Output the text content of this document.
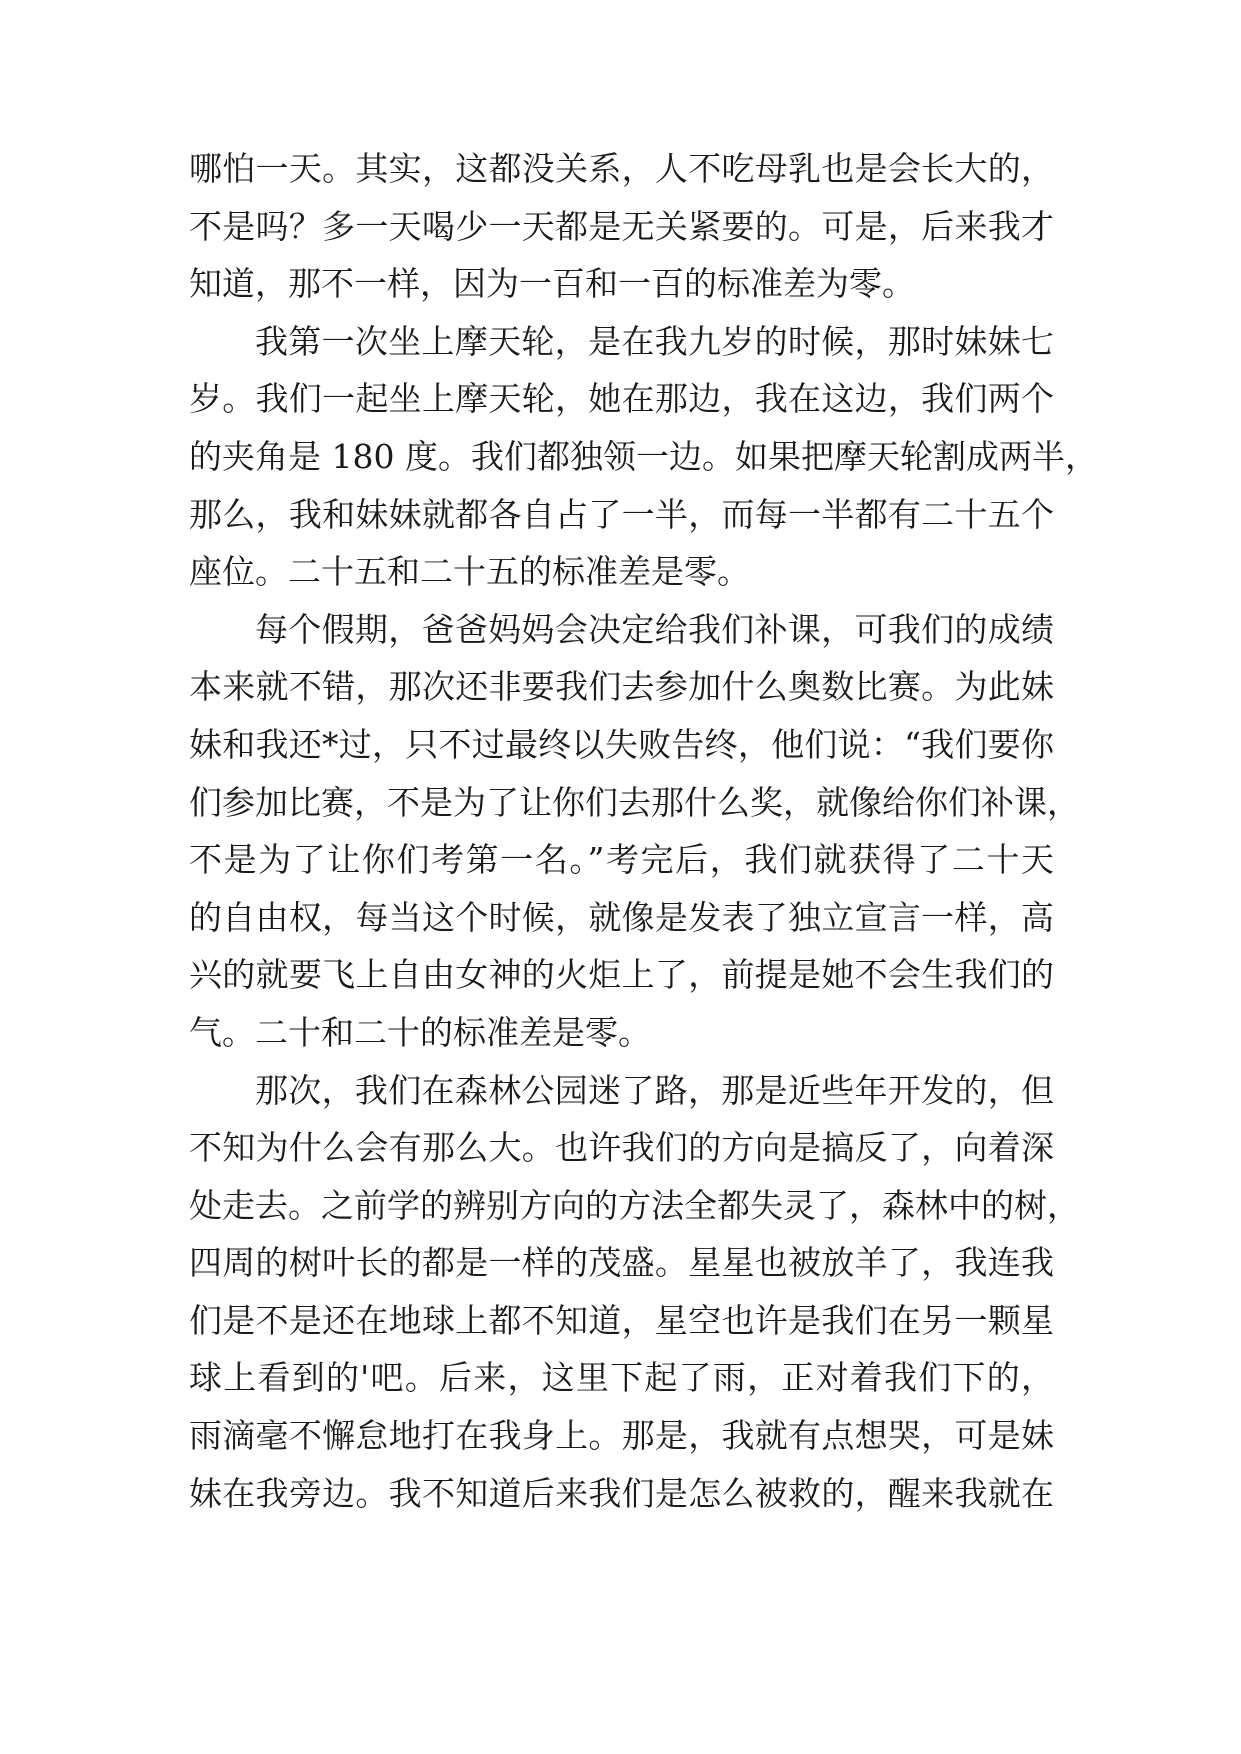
哪怕一天。其实，这都没关系，人不吃母乳也是会长大的，
不是吗？多一天喝少一天都是无关紧要的。可是，后来我才
知道，那不一样，因为一百和一百的标准差为零。
我第一次坐上摩天轮，是在我九岁的时候，那时妹妹七
岁。我们一起坐上摩天轮，她在那边，我在这边，我们两个
的夹角是 180 度。我们都独领一边。如果把摩天轮割成两半，
那么，我和妹妹就都各自占了一半，而每一半都有二十五个
座位。二十五和二十五的标准差是零。
每个假期，爸爸妈妈会决定给我们补课，可我们的成绩
本来就不错，那次还非要我们去参加什么奥数比赛。为此妹
妹和我还*过，只不过最终以失败告终，他们说：“我们要你
们参加比赛，不是为了让你们去那什么奖，就像给你们补课，
不是为了让你们考第一名。”考完后，我们就获得了二十天
的自由权，每当这个时候，就像是发表了独立宣言一样，高
兴的就要飞上自由女神的火炬上了，前提是她不会生我们的
气。二十和二十的标准差是零。
那次，我们在森林公园迷了路，那是近些年开发的，但
不知为什么会有那么大。也许我们的方向是搞反了，向着深
处走去。之前学的辨别方向的方法全都失灵了，森林中的树，
四周的树叶长的都是一样的茂盛。星星也被放羊了，我连我
们是不是还在地球上都不知道，星空也许是我们在另一颗星
球上看到的'吧。后来，这里下起了雨，正对着我们下的，
雨滴毫不懈怠地打在我身上。那是，我就有点想哭，可是妹
妹在我旁边。我不知道后来我们是怎么被救的，醒来我就在
